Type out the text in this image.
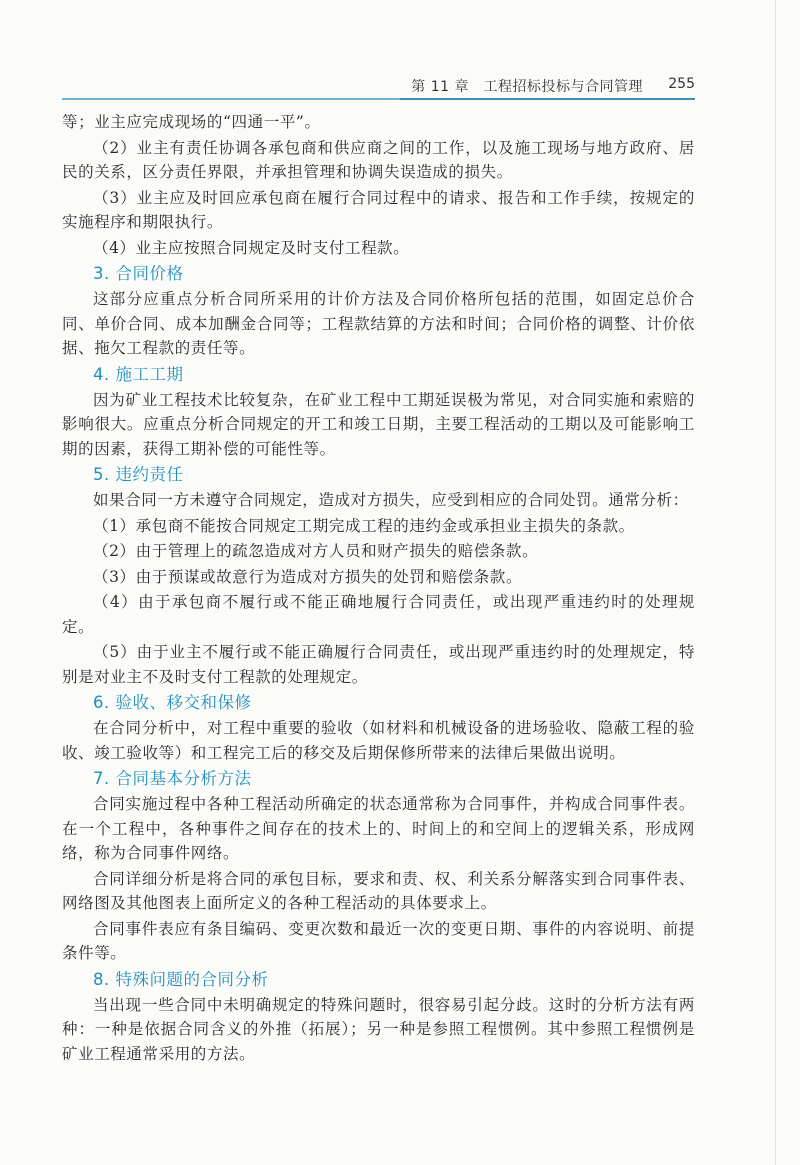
第 11 章　工程招标投标与合同管理 255

等；业主应完成现场的“四通一平”。

（2）业主有责任协调各承包商和供应商之间的工作，以及施工现场与地方政府、居民的关系，区分责任界限，并承担管理和协调失误造成的损失。

（3）业主应及时回应承包商在履行合同过程中的请求、报告和工作手续，按规定的实施程序和期限执行。

（4）业主应按照合同规定及时支付工程款。

3. 合同价格

这部分应重点分析合同所采用的计价方法及合同价格所包括的范围，如固定总价合同、单价合同、成本加酬金合同等；工程款结算的方法和时间；合同价格的调整、计价依据、拖欠工程款的责任等。

4. 施工工期

因为矿业工程技术比较复杂，在矿业工程中工期延误极为常见，对合同实施和索赔的影响很大。应重点分析合同规定的开工和竣工日期，主要工程活动的工期以及可能影响工期的因素，获得工期补偿的可能性等。

5. 违约责任

如果合同一方未遵守合同规定，造成对方损失，应受到相应的合同处罚。通常分析：

（1）承包商不能按合同规定工期完成工程的违约金或承担业主损失的条款。

（2）由于管理上的疏忽造成对方人员和财产损失的赔偿条款。

（3）由于预谋或故意行为造成对方损失的处罚和赔偿条款。

（4）由于承包商不履行或不能正确地履行合同责任，或出现严重违约时的处理规定。

（5）由于业主不履行或不能正确履行合同责任，或出现严重违约时的处理规定，特别是对业主不及时支付工程款的处理规定。

6. 验收、移交和保修

在合同分析中，对工程中重要的验收（如材料和机械设备的进场验收、隐蔽工程的验收、竣工验收等）和工程完工后的移交及后期保修所带来的法律后果做出说明。

7. 合同基本分析方法

合同实施过程中各种工程活动所确定的状态通常称为合同事件，并构成合同事件表。在一个工程中，各种事件之间存在的技术上的、时间上的和空间上的逻辑关系，形成网络，称为合同事件网络。

合同详细分析是将合同的承包目标，要求和责、权、利关系分解落实到合同事件表、网络图及其他图表上面所定义的各种工程活动的具体要求上。

合同事件表应有条目编码、变更次数和最近一次的变更日期、事件的内容说明、前提条件等。

8. 特殊问题的合同分析

当出现一些合同中未明确规定的特殊问题时，很容易引起分歧。这时的分析方法有两种：一种是依据合同含义的外推（拓展）；另一种是参照工程惯例。其中参照工程惯例是矿业工程通常采用的方法。
